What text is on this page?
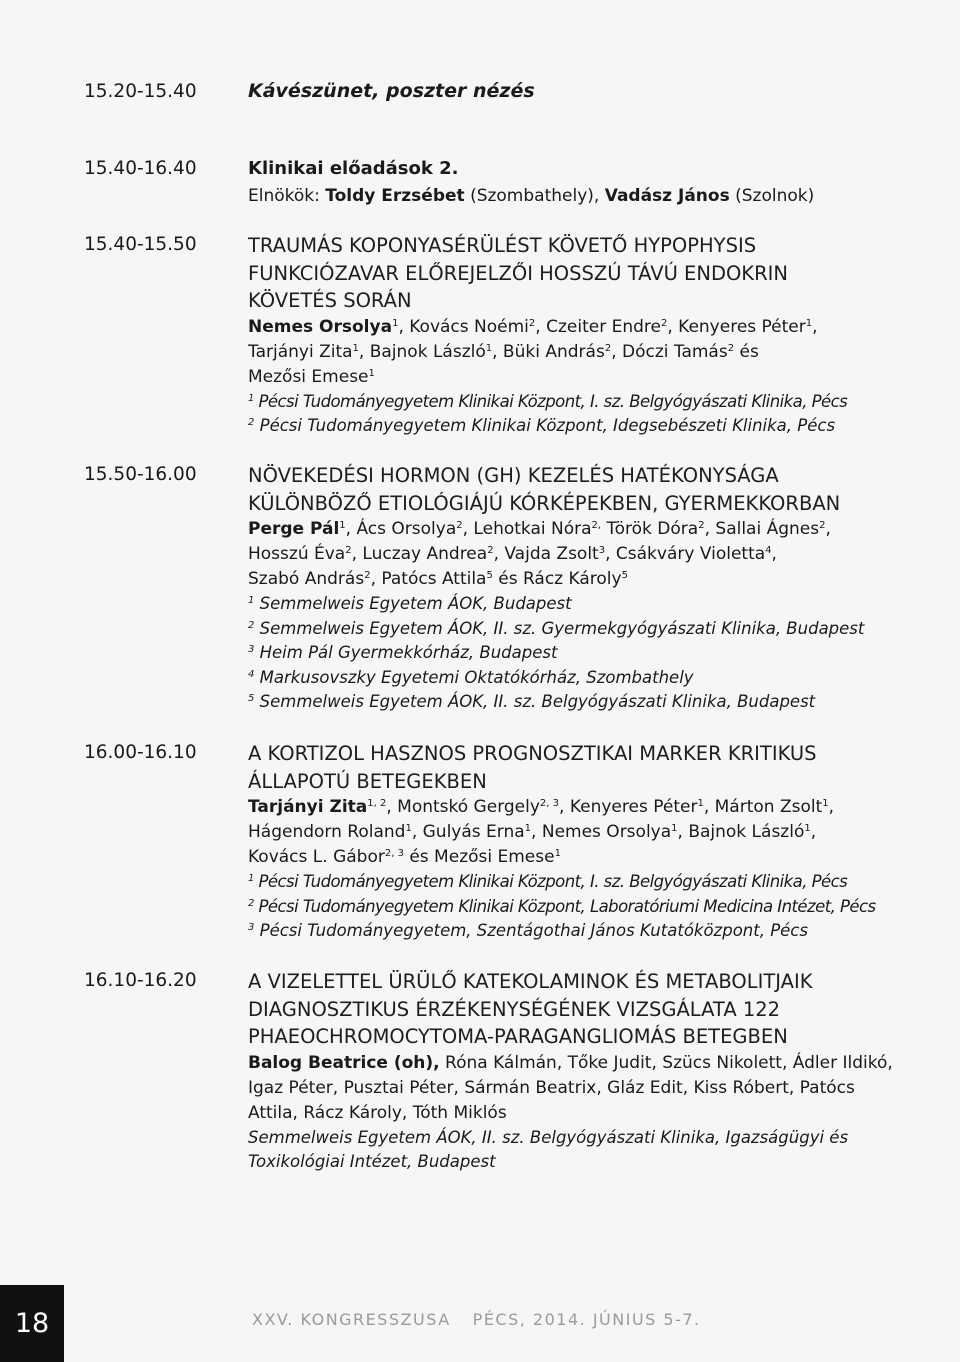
15.20-15.40	Kávészünet, poszter nézés
15.40-16.40	Klinikai előadások 2.
Elnökök: Toldy Erzsébet (Szombathely), Vadász János (Szolnok)
15.40-15.50	TRAUMÁS KOPONYASÉRÜLÉST KÖVETŐ HYPOPHYSIS
FUNKCIÓZAVAR ELŐREJELZŐI HOSSZÚ TÁVÚ ENDOKRIN
KÖVETÉS SORÁN
Nemes Orsolya$^1$, Kovács Noémi$^2$, Czeiter Endre$^2$, Kenyeres Péter$^1$,
Tarjányi Zita$^1$, Bajnok László$^1$, Büki András$^2$, Dóczi Tamás$^2$ és
Mezősi Emese$^1$
$^1$ Pécsi Tudományegyetem Klinikai Központ, I. sz. Belgyógyászati Klinika, Pécs
$^2$ Pécsi Tudományegyetem Klinikai Központ, Idegsebészeti Klinika, Pécs
15.50-16.00	NÖVEKEDÉSI HORMON (GH) KEZELÉS HATÉKONYSÁGA
KÜLÖNBÖZŐ ETIOLÓGIÁJÚ KÓRKÉPEKBEN, GYERMEKKORBAN
Perge Pál$^1$, Ács Orsolya$^2$, Lehotkai Nóra$^{2,}$ Török Dóra$^2$, Sallai Ágnes$^2$,
Hosszú Éva$^2$, Luczay Andrea$^2$, Vajda Zsolt$^3$, Csákváry Violetta$^4$,
Szabó András$^2$, Patócs Attila$^5$ és Rácz Károly$^5$
$^1$ Semmelweis Egyetem ÁOK, Budapest
$^2$ Semmelweis Egyetem ÁOK, II. sz. Gyermekgyógyászati Klinika, Budapest
$^3$ Heim Pál Gyermekkórház, Budapest
$^4$ Markusovszky Egyetemi Oktatókórház, Szombathely
$^5$ Semmelweis Egyetem ÁOK, II. sz. Belgyógyászati Klinika, Budapest
16.00-16.10	A KORTIZOL HASZNOS PROGNOSZTIKAI MARKER KRITIKUS
ÁLLAPOTÚ BETEGEKBEN
Tarjányi Zita$^{1, 2}$, Montskó Gergely$^{2, 3}$, Kenyeres Péter$^1$, Márton Zsolt$^1$,
Hágendorn Roland$^1$, Gulyás Erna$^1$, Nemes Orsolya$^1$, Bajnok László$^1$,
Kovács L. Gábor$^{2, 3}$ és Mezősi Emese$^1$
$^1$ Pécsi Tudományegyetem Klinikai Központ, I. sz. Belgyógyászati Klinika, Pécs
$^2$ Pécsi Tudományegyetem Klinikai Központ, Laboratóriumi Medicina Intézet, Pécs
$^3$ Pécsi Tudományegyetem, Szentágothai János Kutatóközpont, Pécs
16.10-16.20	A VIZELETTEL ÜRÜLŐ KATEKOLAMINOK ÉS METABOLITJAIK
DIAGNOSZTIKUS ÉRZÉKENYSÉGÉNEK VIZSGÁLATA 122
PHAEOCHROMOCYTOMA-PARAGANGLIOMÁS BETEGBEN
Balog Beatrice (oh), Róna Kálmán, Tőke Judit, Szücs Nikolett, Ádler Ildikó,
Igaz Péter, Pusztai Péter, Sármán Beatrix, Gláz Edit, Kiss Róbert, Patócs
Attila, Rácz Károly, Tóth Miklós
Semmelweis Egyetem ÁOK, II. sz. Belgyógyászati Klinika, Igazságügyi és
Toxikológiai Intézet, Budapest
18	XXV. KONGRESSZUSA PÉCS, 2014. JÚNIUS 5-7.
